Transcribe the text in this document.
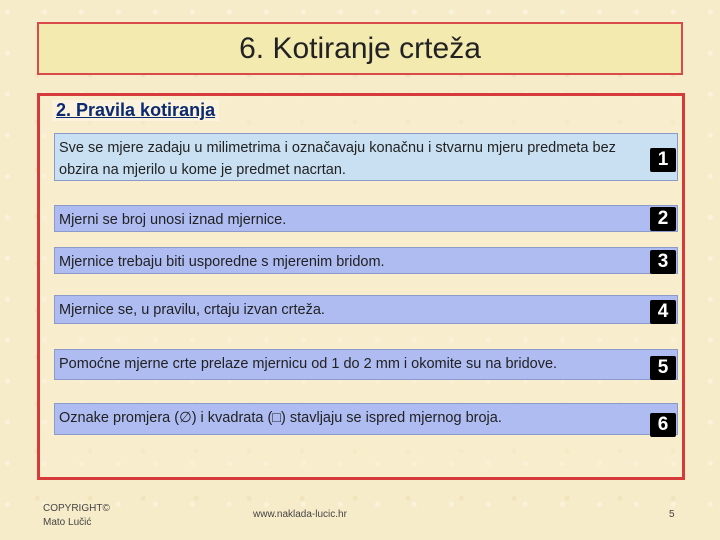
6. Kotiranje crteža
2. Pravila kotiranja
Sve se mjere zadaju u milimetrima i označavaju konačnu i stvarnu mjeru predmeta bez obzira na mjerilo u kome je predmet nacrtan.
Mjerni se broj unosi iznad mjernice.
Mjernice trebaju biti usporedne s mjerenim bridom.
Mjernice se, u pravilu, crtaju izvan crteža.
Pomoćne mjerne crte prelaze mjernicu od 1 do 2 mm i okomite su na bridove.
Oznake promjera (∅) i kvadrata (□) stavljaju se ispred mjernog broja.
1
2
3
4
5
6
COPYRIGHT©
Mato Lučić
www.naklada-lucic.hr	5
